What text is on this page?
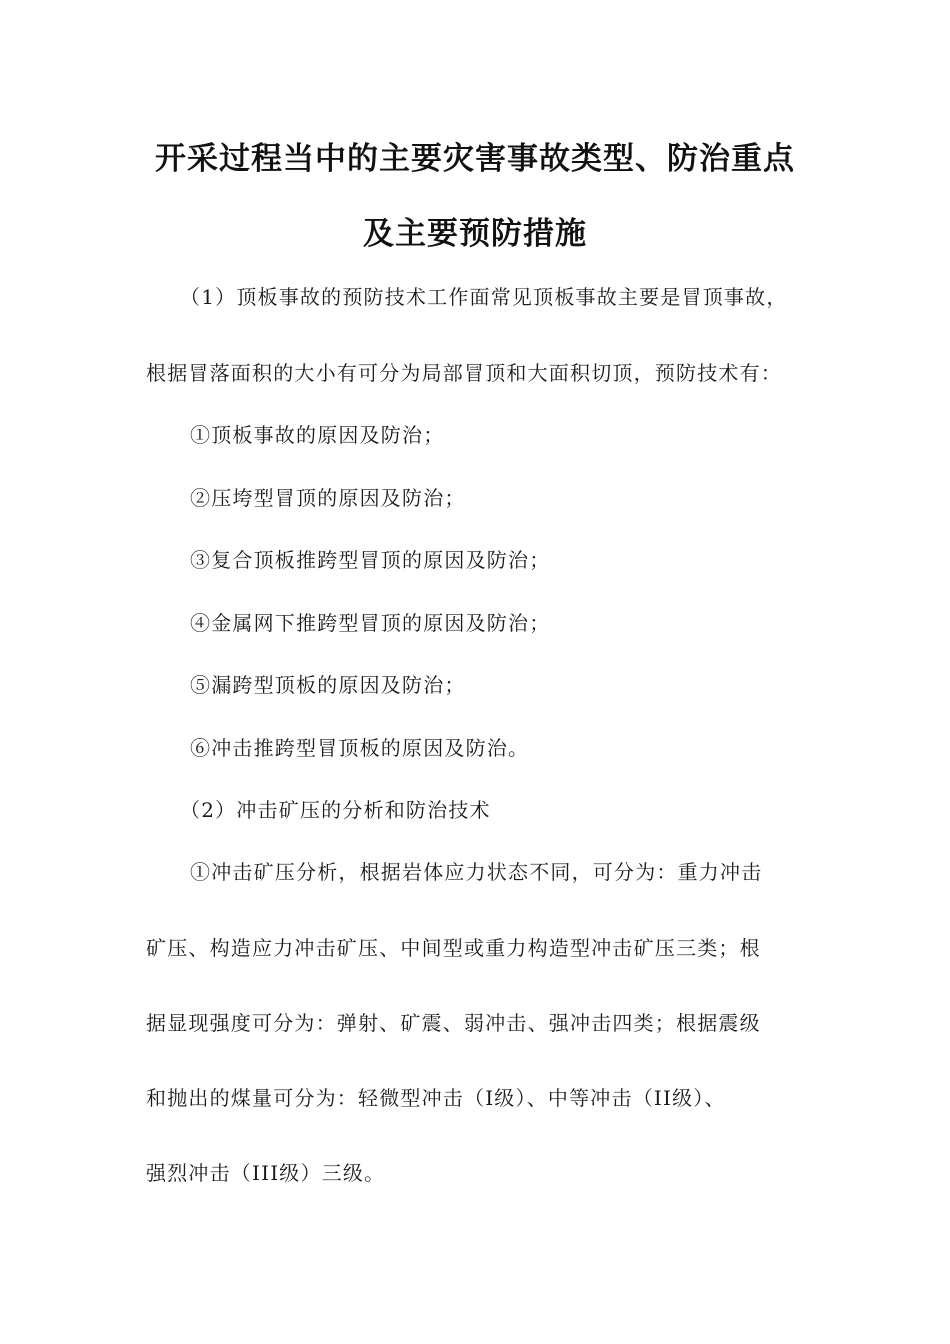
开采过程当中的主要灾害事故类型、防治重点
及主要预防措施
（1）顶板事故的预防技术工作面常见顶板事故主要是冒顶事故，
根据冒落面积的大小有可分为局部冒顶和大面积切顶，预防技术有：
①顶板事故的原因及防治；
②压垮型冒顶的原因及防治；
③复合顶板推跨型冒顶的原因及防治；
④金属网下推跨型冒顶的原因及防治；
⑤漏跨型顶板的原因及防治；
⑥冲击推跨型冒顶板的原因及防治。
（2）冲击矿压的分析和防治技术
①冲击矿压分析，根据岩体应力状态不同，可分为：重力冲击
矿压、构造应力冲击矿压、中间型或重力构造型冲击矿压三类；根
据显现强度可分为：弹射、矿震、弱冲击、强冲击四类；根据震级
和抛出的煤量可分为：轻微型冲击（I级）、中等冲击（II级）、
强烈冲击（III级）三级。
